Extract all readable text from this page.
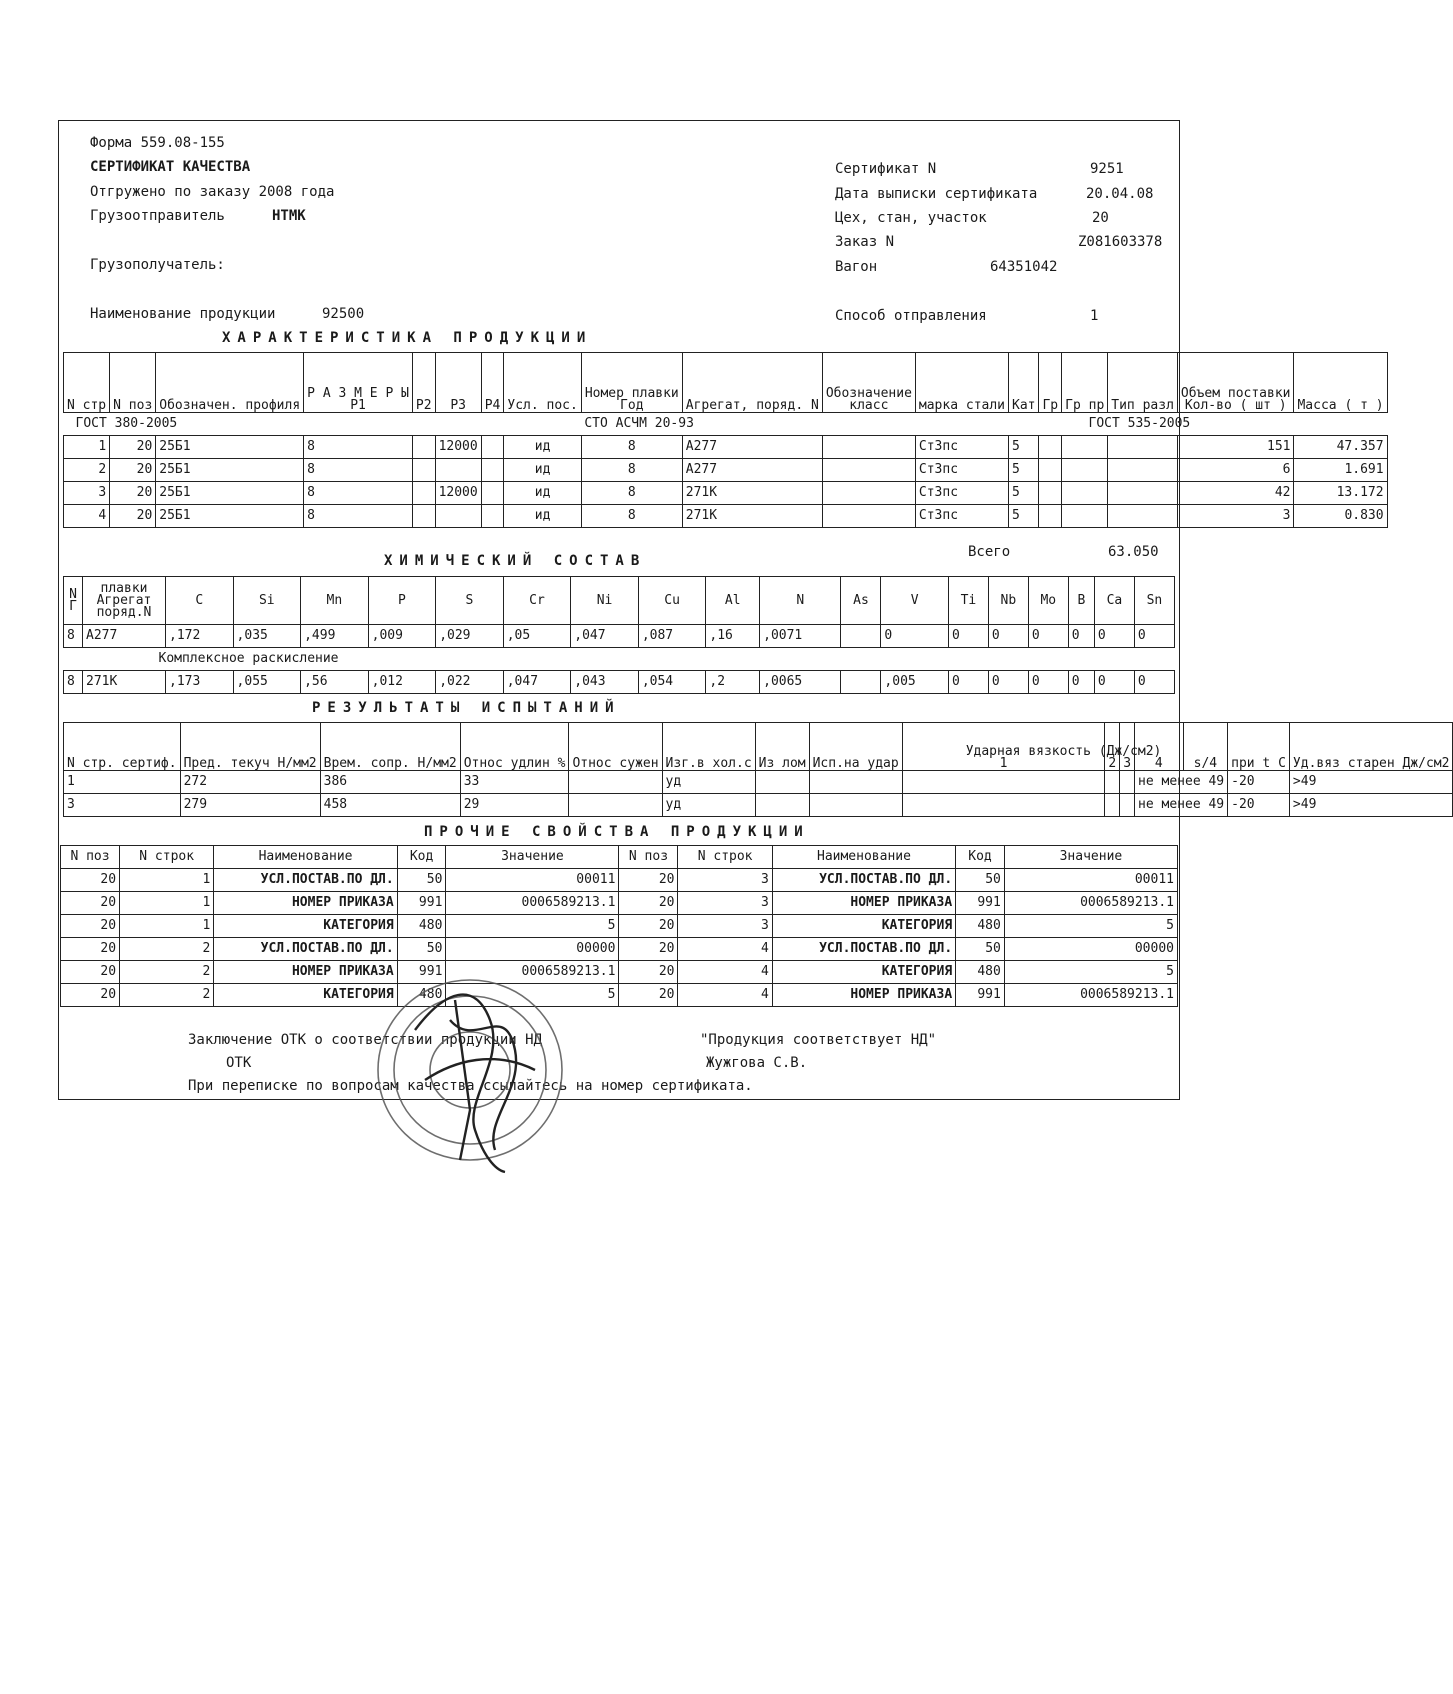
Форма 559.08-155
СЕРТИФИКАТ КАЧЕСТВА
Отгружено по заказу 2008 года
Грузоотправитель	НТМК
Грузополучатель:
Наименование продукции	92500
Сертификат N	9251
Дата выписки сертификата	20.04.08
Цех, стан, участок	20
Заказ N	Z081603378
Вагон	64351042
Способ отправления	1
ХАРАКТЕРИСТИКА ПРОДУКЦИИ
N стр	N поз	Обозначен. профиля	Р А З М Е Р Ы
P1	P2	P3	P4	Усл. пос.	Номер плавки
Год	Агрегат, поряд. N	Обозначение
класс	марка стали	Кат	Гр	Гр пр	Тип разл	Объем поставки
Кол-во ( шт )	Масса ( т )
ГОСТ 380-2005								СТО АСЧМ 20-93				ГОСТ 535-2005					
1	20	25Б1	8		12000		ид	8	А277		Ст3пс	5				151	47.357
2	20	25Б1	8				ид	8	А277		Ст3пс	5				6	1.691
3	20	25Б1	8		12000		ид	8	271К		Ст3пс	5				42	13.172
4	20	25Б1	8				ид	8	271К		Ст3пс	5				3	0.830
Всего	63.050
ХИМИЧЕСКИЙ СОСТАВ
N Г	плавки Агрегат поряд.N	C	Si	Mn	P	S	Cr	Ni	Cu	Al	N	As	V	Ti	Nb	Mo	B	Ca	Sn
8	А277	,172	,035	,499	,009	,029	,05	,047	,087	,16	,0071		0	0	0	0	0	0	0
Комплексное раскисление																			
8	271К	,173	,055	,56	,012	,022	,047	,043	,054	,2	,0065		,005	0	0	0	0	0	0
РЕЗУЛЬТАТЫ ИСПЫТАНИЙ
N стр. сертиф.	Пред. текуч Н/мм2	Врем. сопр. Н/мм2	Относ удлин %	Относ сужен	Изг.в хол.с	Из лом	Исп.на удар	Ударная вязкость (Дж/см2)
1	2	3	4	s/4	при t C	Уд.вяз старен Дж/см2
1	272	386	33		уд						не менее 49		-20	>49
3	279	458	29		уд						не менее 49		-20	>49
ПРОЧИЕ СВОЙСТВА ПРОДУКЦИИ
N поз	N строк	Наименование	Код	Значение	N поз	N строк	Наименование	Код	Значение
20	1	УСЛ.ПОСТАВ.ПО ДЛ.	50	00011	20	3	УСЛ.ПОСТАВ.ПО ДЛ.	50	00011
20	1	НОМЕР ПРИКАЗА	991	0006589213.1	20	3	НОМЕР ПРИКАЗА	991	0006589213.1
20	1	КАТЕГОРИЯ	480	5	20	3	КАТЕГОРИЯ	480	5
20	2	УСЛ.ПОСТАВ.ПО ДЛ.	50	00000	20	4	УСЛ.ПОСТАВ.ПО ДЛ.	50	00000
20	2	НОМЕР ПРИКАЗА	991	0006589213.1	20	4	КАТЕГОРИЯ	480	5
20	2	КАТЕГОРИЯ	480	5	20	4	НОМЕР ПРИКАЗА	991	0006589213.1
Заключение ОТК о соответствии продукции НД	"Продукция соответствует НД"
ОТК	Жужгова С.В.
При переписке по вопросам качества ссылайтесь на номер сертификата.
